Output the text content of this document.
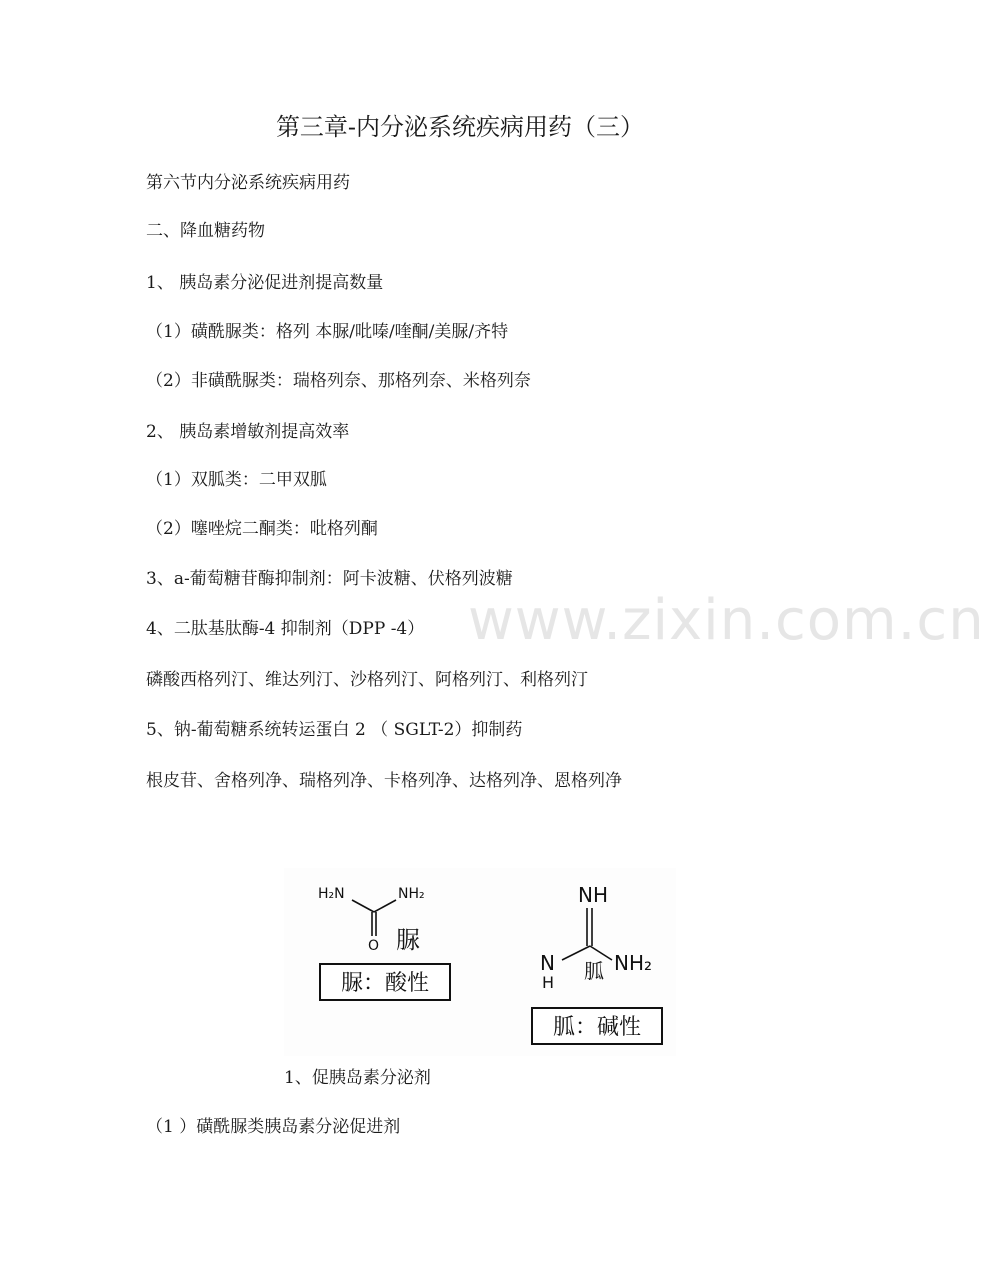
第三章-内分泌系统疾病用药（三）
www.zixin.com.cn
第六节内分泌系统疾病用药
二、降血糖药物
1、 胰岛素分泌促进剂提高数量
（1）磺酰脲类：格列 本脲/吡嗪/喹酮/美脲/齐特
（2）非磺酰脲类：瑞格列奈、那格列奈、米格列奈
2、 胰岛素增敏剂提高效率
（1）双胍类：二甲双胍
（2）噻唑烷二酮类：吡格列酮
3、a-葡萄糖苷酶抑制剂：阿卡波糖、伏格列波糖
4、二肽基肽酶-4 抑制剂（DPP -4）
磷酸西格列汀、维达列汀、沙格列汀、阿格列汀、利格列汀
5、钠-葡萄糖系统转运蛋白 2 （ SGLT-2）抑制药
根皮苷、舍格列净、瑞格列净、卡格列净、达格列净、恩格列净
H₂N	NH₂
O 脲
脲：酸性
NH
N
H
NH₂
胍
胍：碱性
1、促胰岛素分泌剂
（1 ）磺酰脲类胰岛素分泌促进剂
